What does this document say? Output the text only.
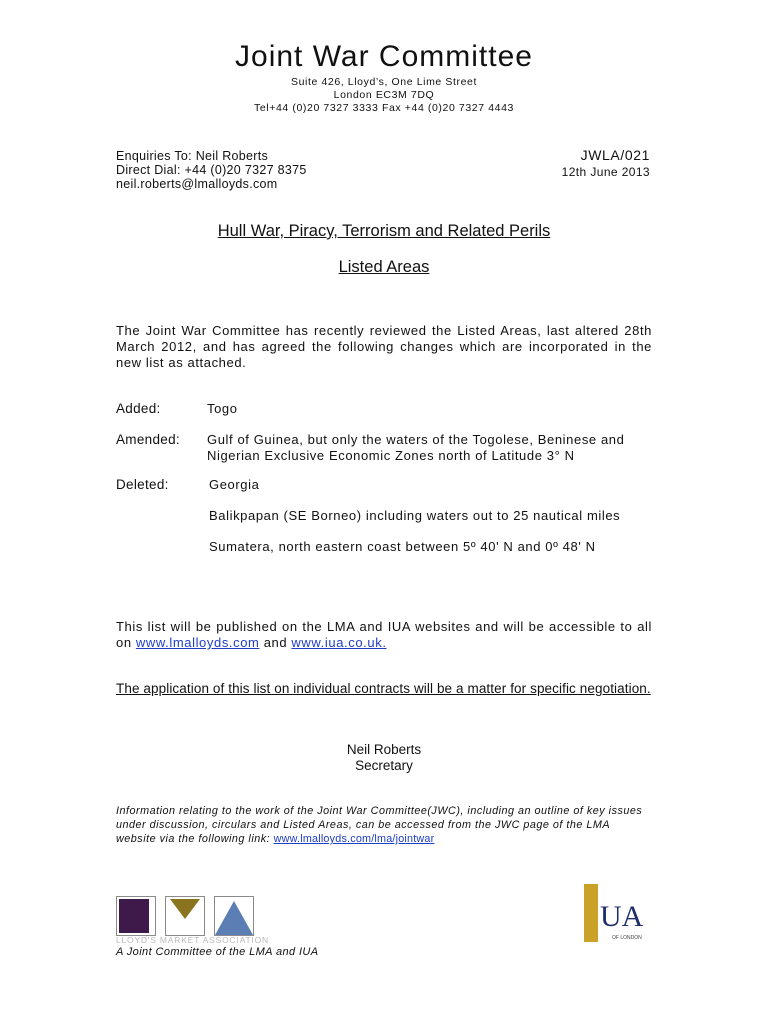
Joint War Committee
Suite 426, Lloyd’s, One Lime Street
London EC3M 7DQ
Tel+44 (0)20 7327 3333 Fax +44 (0)20 7327 4443
Enquiries To: Neil Roberts
Direct Dial: +44 (0)20 7327 8375
neil.roberts@lmalloyds.com
JWLA/021
12th June 2013
Hull War, Piracy, Terrorism and Related Perils
Listed Areas
The Joint War Committee has recently reviewed the Listed Areas, last altered 28th March 2012, and has agreed the following changes which are incorporated in the new list as attached.
Added:	Togo
Amended: Gulf of Guinea, but only the waters of the Togolese, Beninese and Nigerian Exclusive Economic Zones north of Latitude 3° N
Deleted:	Georgia
Balikpapan (SE Borneo) including waters out to 25 nautical miles
Sumatera, north eastern coast between 5º 40' N and 0º 48' N
This list will be published on the LMA and IUA websites and will be accessible to all on www.lmalloyds.com and www.iua.co.uk.
The application of this list on individual contracts will be a matter for specific negotiation.
Neil Roberts
Secretary
Information relating to the work of the Joint War Committee(JWC), including an outline of key issues under discussion, circulars and Listed Areas, can be accessed from the JWC page of the LMA website via the following link: www.lmalloyds.com/lma/jointwar
LLOYD'S MARKET ASSOCIATION
A Joint Committee of the LMA and IUA
UA
OF LONDON
